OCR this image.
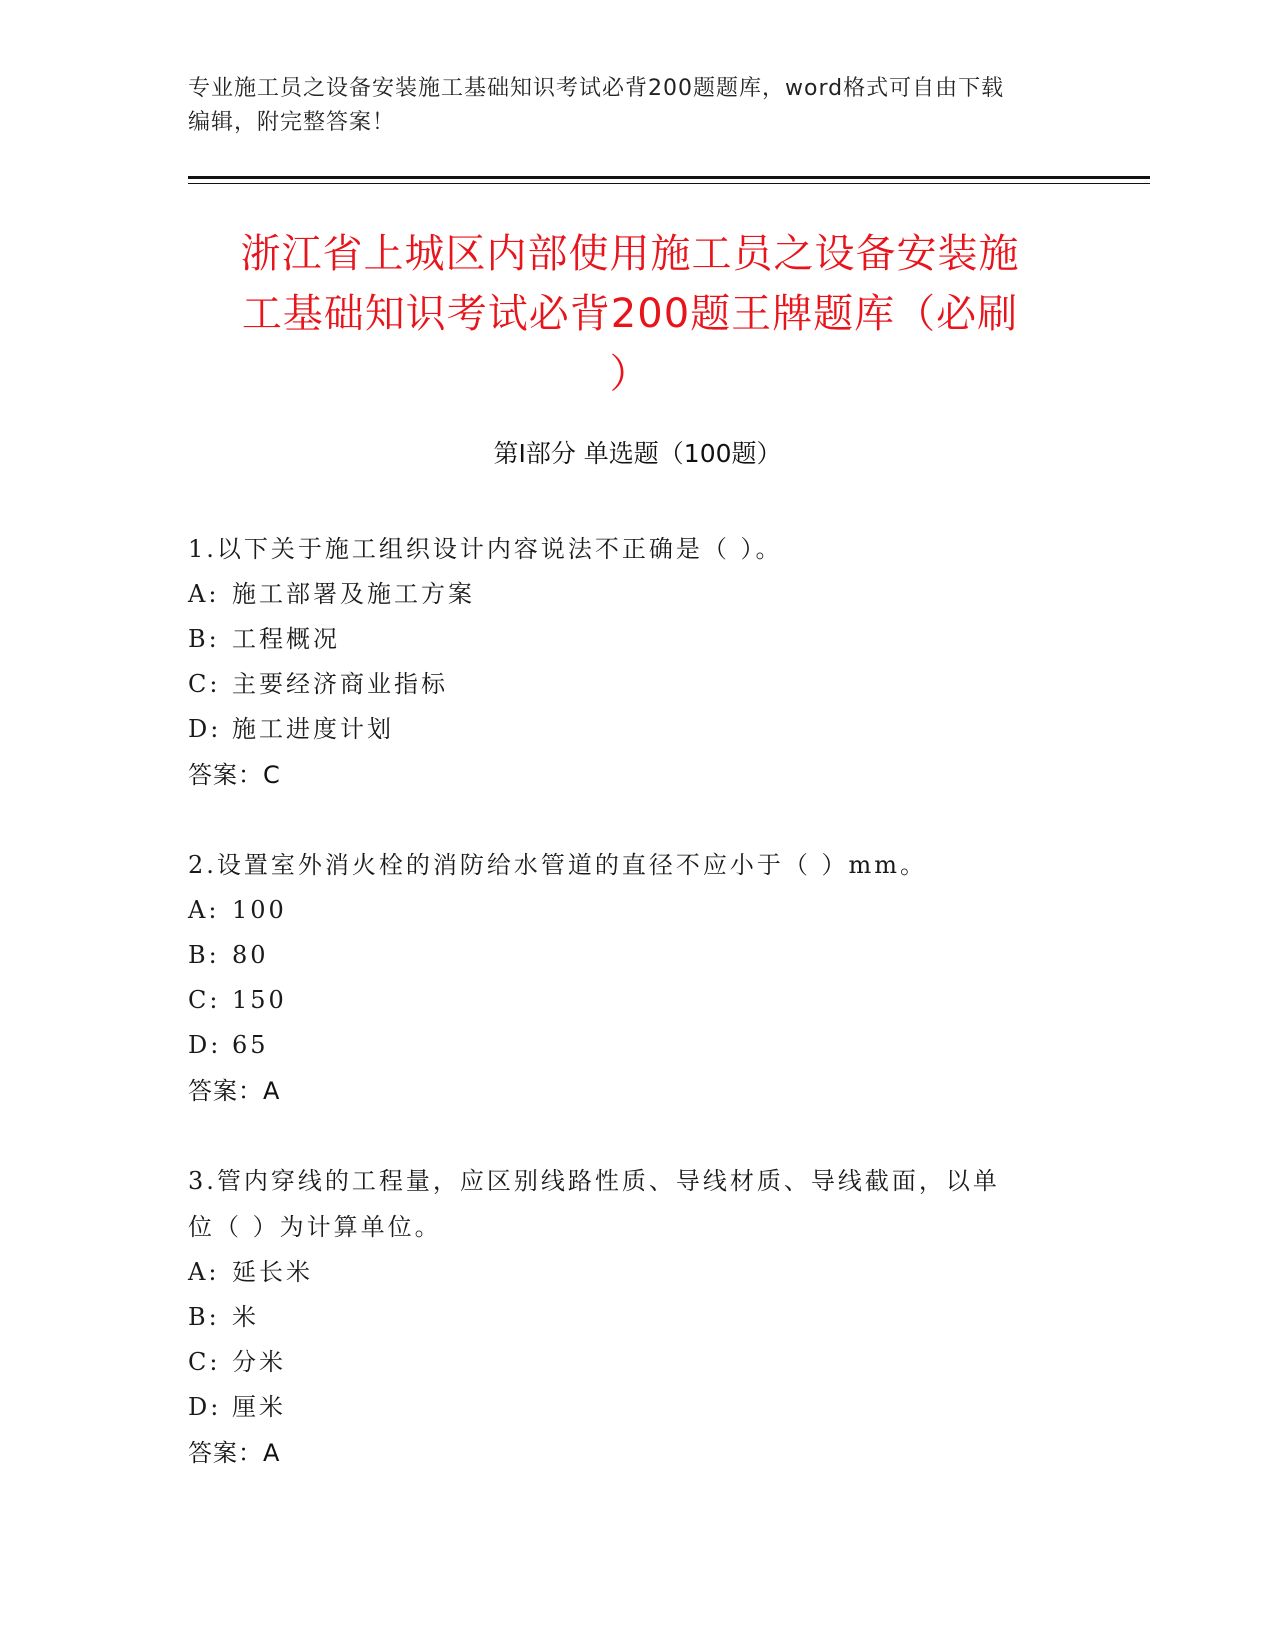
专业施工员之设备安装施工基础知识考试必背200题题库，word格式可自由下载
编辑，附完整答案！
浙江省上城区内部使用施工员之设备安装施
工基础知识考试必背200题王牌题库（必刷
）
第Ⅰ部分 单选题（100题）
1.以下关于施工组织设计内容说法不正确是（ ）。
A: 施工部署及施工方案
B: 工程概况
C: 主要经济商业指标
D: 施工进度计划
答案：C
2.设置室外消火栓的消防给水管道的直径不应小于（ ）mm。
A: 100
B: 80
C: 150
D: 65
答案：A
3.管内穿线的工程量，应区别线路性质、导线材质、导线截面，以单
位（ ）为计算单位。
A: 延长米
B: 米
C: 分米
D: 厘米
答案：A
